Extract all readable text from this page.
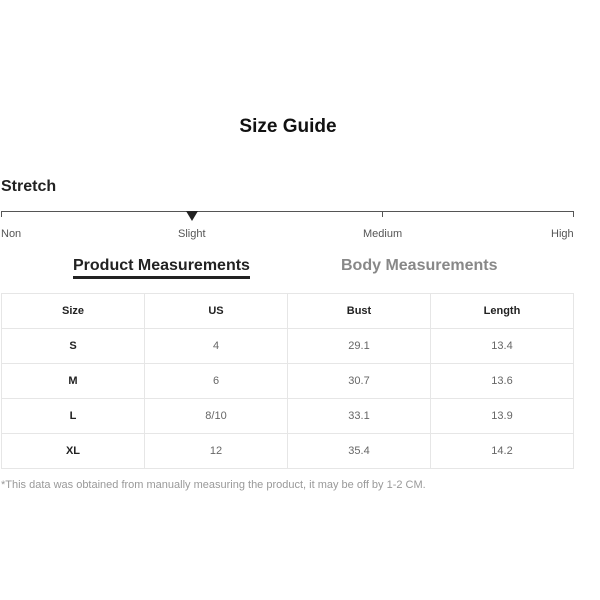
Size Guide
Stretch
Non	Slight	Medium	High
Product Measurements	Body Measurements
Size	US	Bust	Length
S	4	29.1	13.4
M	6	30.7	13.6
L	8/10	33.1	13.9
XL	12	35.4	14.2
*This data was obtained from manually measuring the product, it may be off by 1-2 CM.
